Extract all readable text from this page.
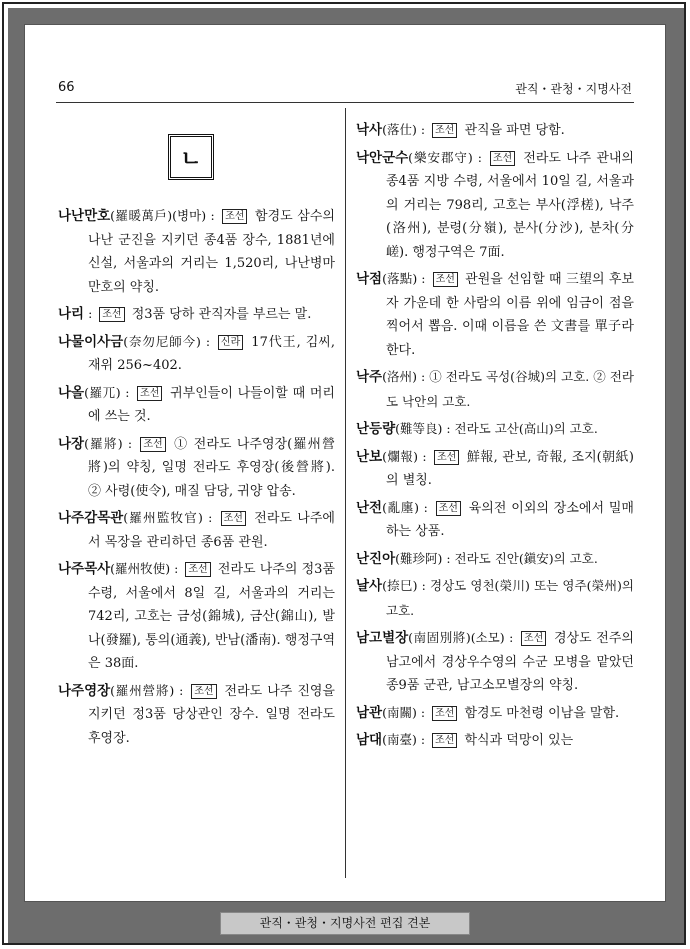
66	관직・관청・지명사전
ㄴ
나난만호(羅暖萬戶)(병마) : 조선 함경도 삼수의 나난 군진을 지키던 종4품 장수, 1881년에 신설, 서울과의 거리는 1,520리, 나난병마만호의 약칭.
나리 : 조선 정3품 당하 관직자를 부르는 말.
나물이사금(奈勿尼師今) : 신라 17代王, 김씨, 재위 256~402.
나올(羅兀) : 조선 귀부인들이 나들이할 때 머리에 쓰는 것.
나장(羅將) : 조선 ① 전라도 나주영장(羅州營將)의 약칭, 일명 전라도 후영장(後營將). ② 사령(使令), 매질 담당, 귀양 압송.
나주감목관(羅州監牧官) : 조선 전라도 나주에서 목장을 관리하던 종6품 관원.
나주목사(羅州牧使) : 조선 전라도 나주의 정3품 수령, 서울에서 8일 길, 서울과의 거리는 742리, 고호는 금성(錦城), 금산(錦山), 발나(發羅), 통의(通義), 반남(潘南). 행정구역은 38面.
나주영장(羅州營將) : 조선 전라도 나주 진영을 지키던 정3품 당상관인 장수. 일명 전라도 후영장.
낙사(落仕) : 조선 관직을 파면 당함.
낙안군수(樂安郡守) : 조선 전라도 나주 관내의 종4품 지방 수령, 서울에서 10일 길, 서울과의 거리는 798리, 고호는 부사(浮槎), 낙주(洛州), 분령(分嶺), 분사(分沙), 분차(分嵯). 행정구역은 7面.
낙점(落點) : 조선 관원을 선임할 때 三望의 후보자 가운데 한 사람의 이름 위에 임금이 점을 찍어서 뽑음. 이때 이름을 쓴 文書를 單子라 한다.
낙주(洛州) : ① 전라도 곡성(谷城)의 고호. ② 전라도 낙안의 고호.
난등량(難等良) : 전라도 고산(高山)의 고호.
난보(爛報) : 조선 鮮報, 관보, 奇報, 조지(朝紙)의 별칭.
난전(亂廛) : 조선 육의전 이외의 장소에서 밀매하는 상품.
난진아(難珍阿) : 전라도 진안(鎭安)의 고호.
날사(捺巳) : 경상도 영천(榮川) 또는 영주(榮州)의 고호.
남고별장(南固別將)(소모) : 조선 경상도 전주의 남고에서 경상우수영의 수군 모병을 맡았던 종9품 군관, 남고소모별장의 약칭.
남관(南關) : 조선 함경도 마천령 이남을 말함.
남대(南臺) : 조선 학식과 덕망이 있는
관직・관청・지명사전 편집 견본
